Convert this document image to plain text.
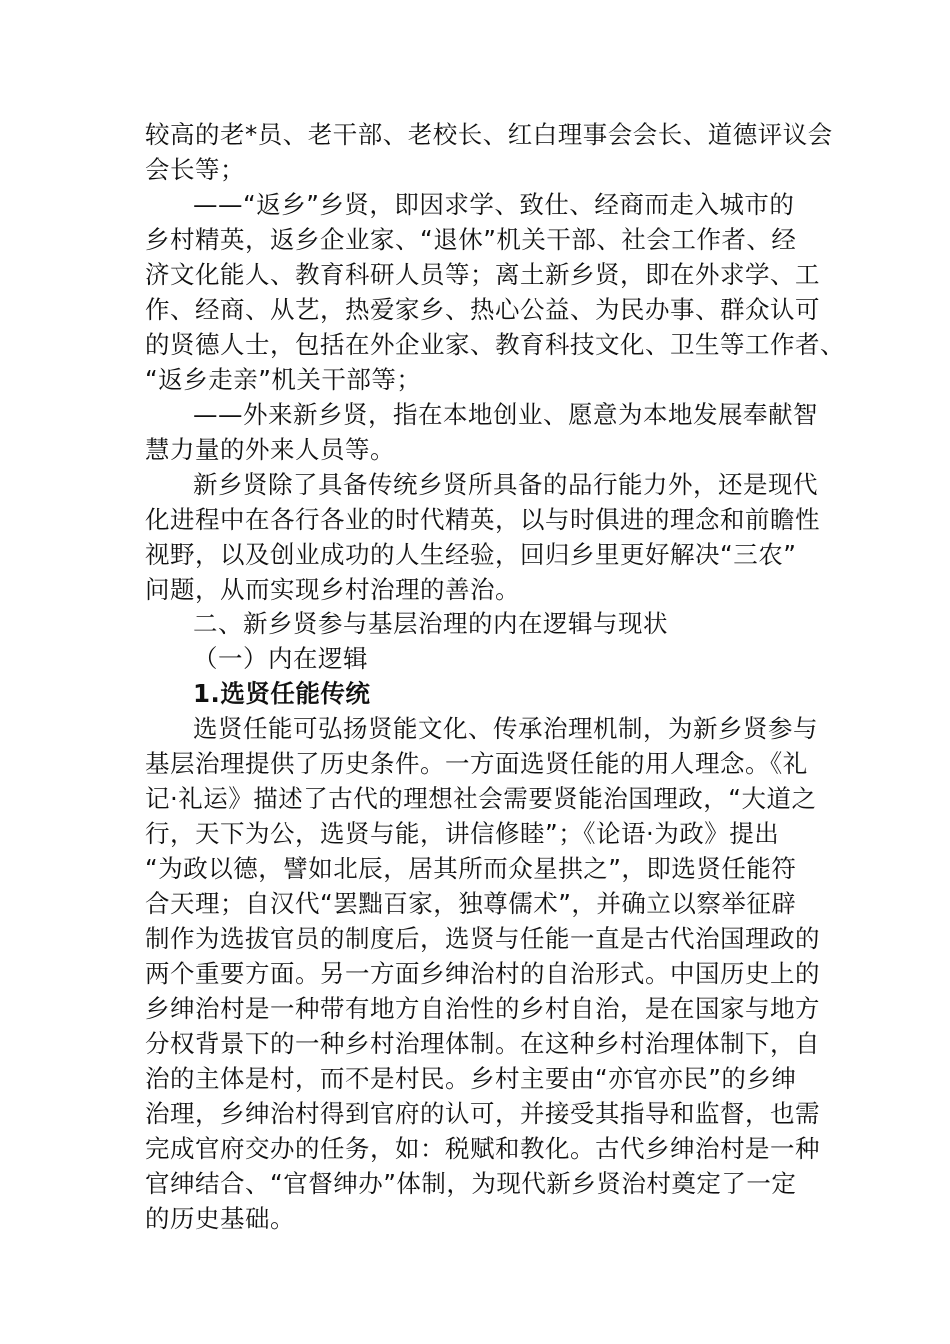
较高的老*员、老干部、老校长、红白理事会会长、道德评议会
会长等；
——“返乡”乡贤，即因求学、致仕、经商而走入城市的
乡村精英，返乡企业家、“退休”机关干部、社会工作者、经
济文化能人、教育科研人员等；离土新乡贤，即在外求学、工
作、经商、从艺，热爱家乡、热心公益、为民办事、群众认可
的贤德人士，包括在外企业家、教育科技文化、卫生等工作者、
“返乡走亲”机关干部等；
——外来新乡贤，指在本地创业、愿意为本地发展奉献智
慧力量的外来人员等。
新乡贤除了具备传统乡贤所具备的品行能力外，还是现代
化进程中在各行各业的时代精英，以与时俱进的理念和前瞻性
视野，以及创业成功的人生经验，回归乡里更好解决“三农”
问题，从而实现乡村治理的善治。
二、新乡贤参与基层治理的内在逻辑与现状
（一）内在逻辑
1.选贤任能传统
选贤任能可弘扬贤能文化、传承治理机制，为新乡贤参与
基层治理提供了历史条件。一方面选贤任能的用人理念。《礼
记·礼运》描述了古代的理想社会需要贤能治国理政，“大道之
行，天下为公，选贤与能，讲信修睦”；《论语·为政》提出
“为政以德，譬如北辰，居其所而众星拱之”，即选贤任能符
合天理；自汉代“罢黜百家，独尊儒术”，并确立以察举征辟
制作为选拔官员的制度后，选贤与任能一直是古代治国理政的
两个重要方面。另一方面乡绅治村的自治形式。中国历史上的
乡绅治村是一种带有地方自治性的乡村自治，是在国家与地方
分权背景下的一种乡村治理体制。在这种乡村治理体制下，自
治的主体是村，而不是村民。乡村主要由“亦官亦民”的乡绅
治理，乡绅治村得到官府的认可，并接受其指导和监督，也需
完成官府交办的任务，如：税赋和教化。古代乡绅治村是一种
官绅结合、“官督绅办”体制，为现代新乡贤治村奠定了一定
的历史基础。
